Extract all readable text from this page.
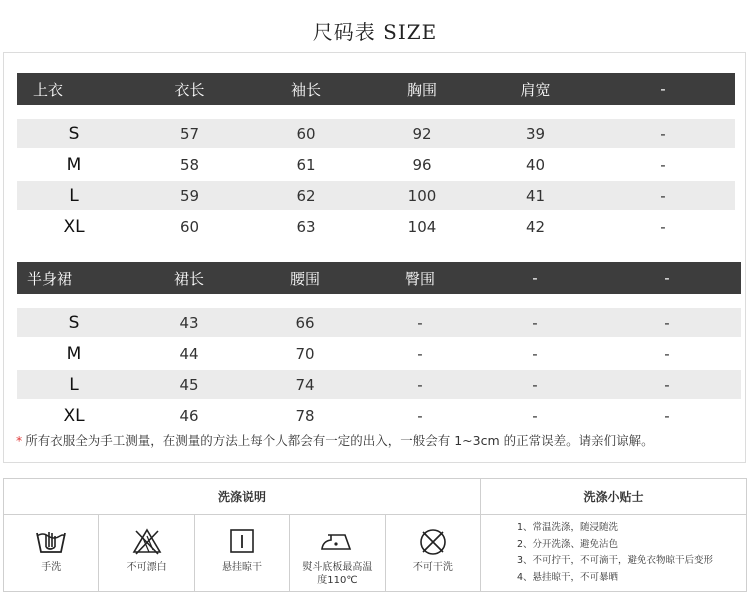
尺码表 SIZE
上衣	衣长	袖长	胸围	肩宽	-

S	57	60	92	39	-

M	58	61	96	40	-

L	59	62	100	41	-

XL	60	63	104	42	-
半身裙	裙长	腰围	臀围	-	-

S	43	66	-	-	-

M	44	70	-	-	-

L	45	74	-	-	-

XL	46	78	-	-	-
* 所有衣服全为手工测量，在测量的方法上每个人都会有一定的出入，一般会有 1~3cm 的正常误差。请亲们谅解。
洗涤说明	洗涤小贴士
手洗	不可漂白	悬挂晾干	熨斗底板最高温度110℃
不可干洗
1、常温洗涤，随浸随洗
2、分开洗涤、避免沾色
3、不可拧干，不可滴干，避免衣物晾干后变形
4、悬挂晾干，不可暴晒
